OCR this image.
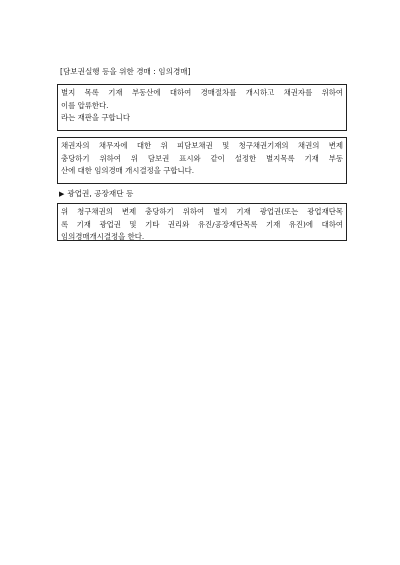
[담보권실행 등을 위한 경매 : 임의경매]

별지 목록 기재 부동산에 대하여 경매절차를 개시하고 채권자를 위하여

이를 압류한다.

라는 재판을 구합니다

채권자의 채무자에 대한 위 피담보채권 및 청구채권기재의 채권의 변제

충당하기 위하여 위 담보권 표시와 같이 설정한 별지목록 기재 부동

산에 대한 임의경매 개시결정을 구합니다.

▶ 광업권, 공장재단 등

위 청구채권의 변제 충당하기 위하여 별지 기재 광업권(또는 광업재단목

록 기재 광업권 및 기타 권리와 유진/공장재단목록 기재 유진)에 대하여

임의경매개시결정을 한다.
